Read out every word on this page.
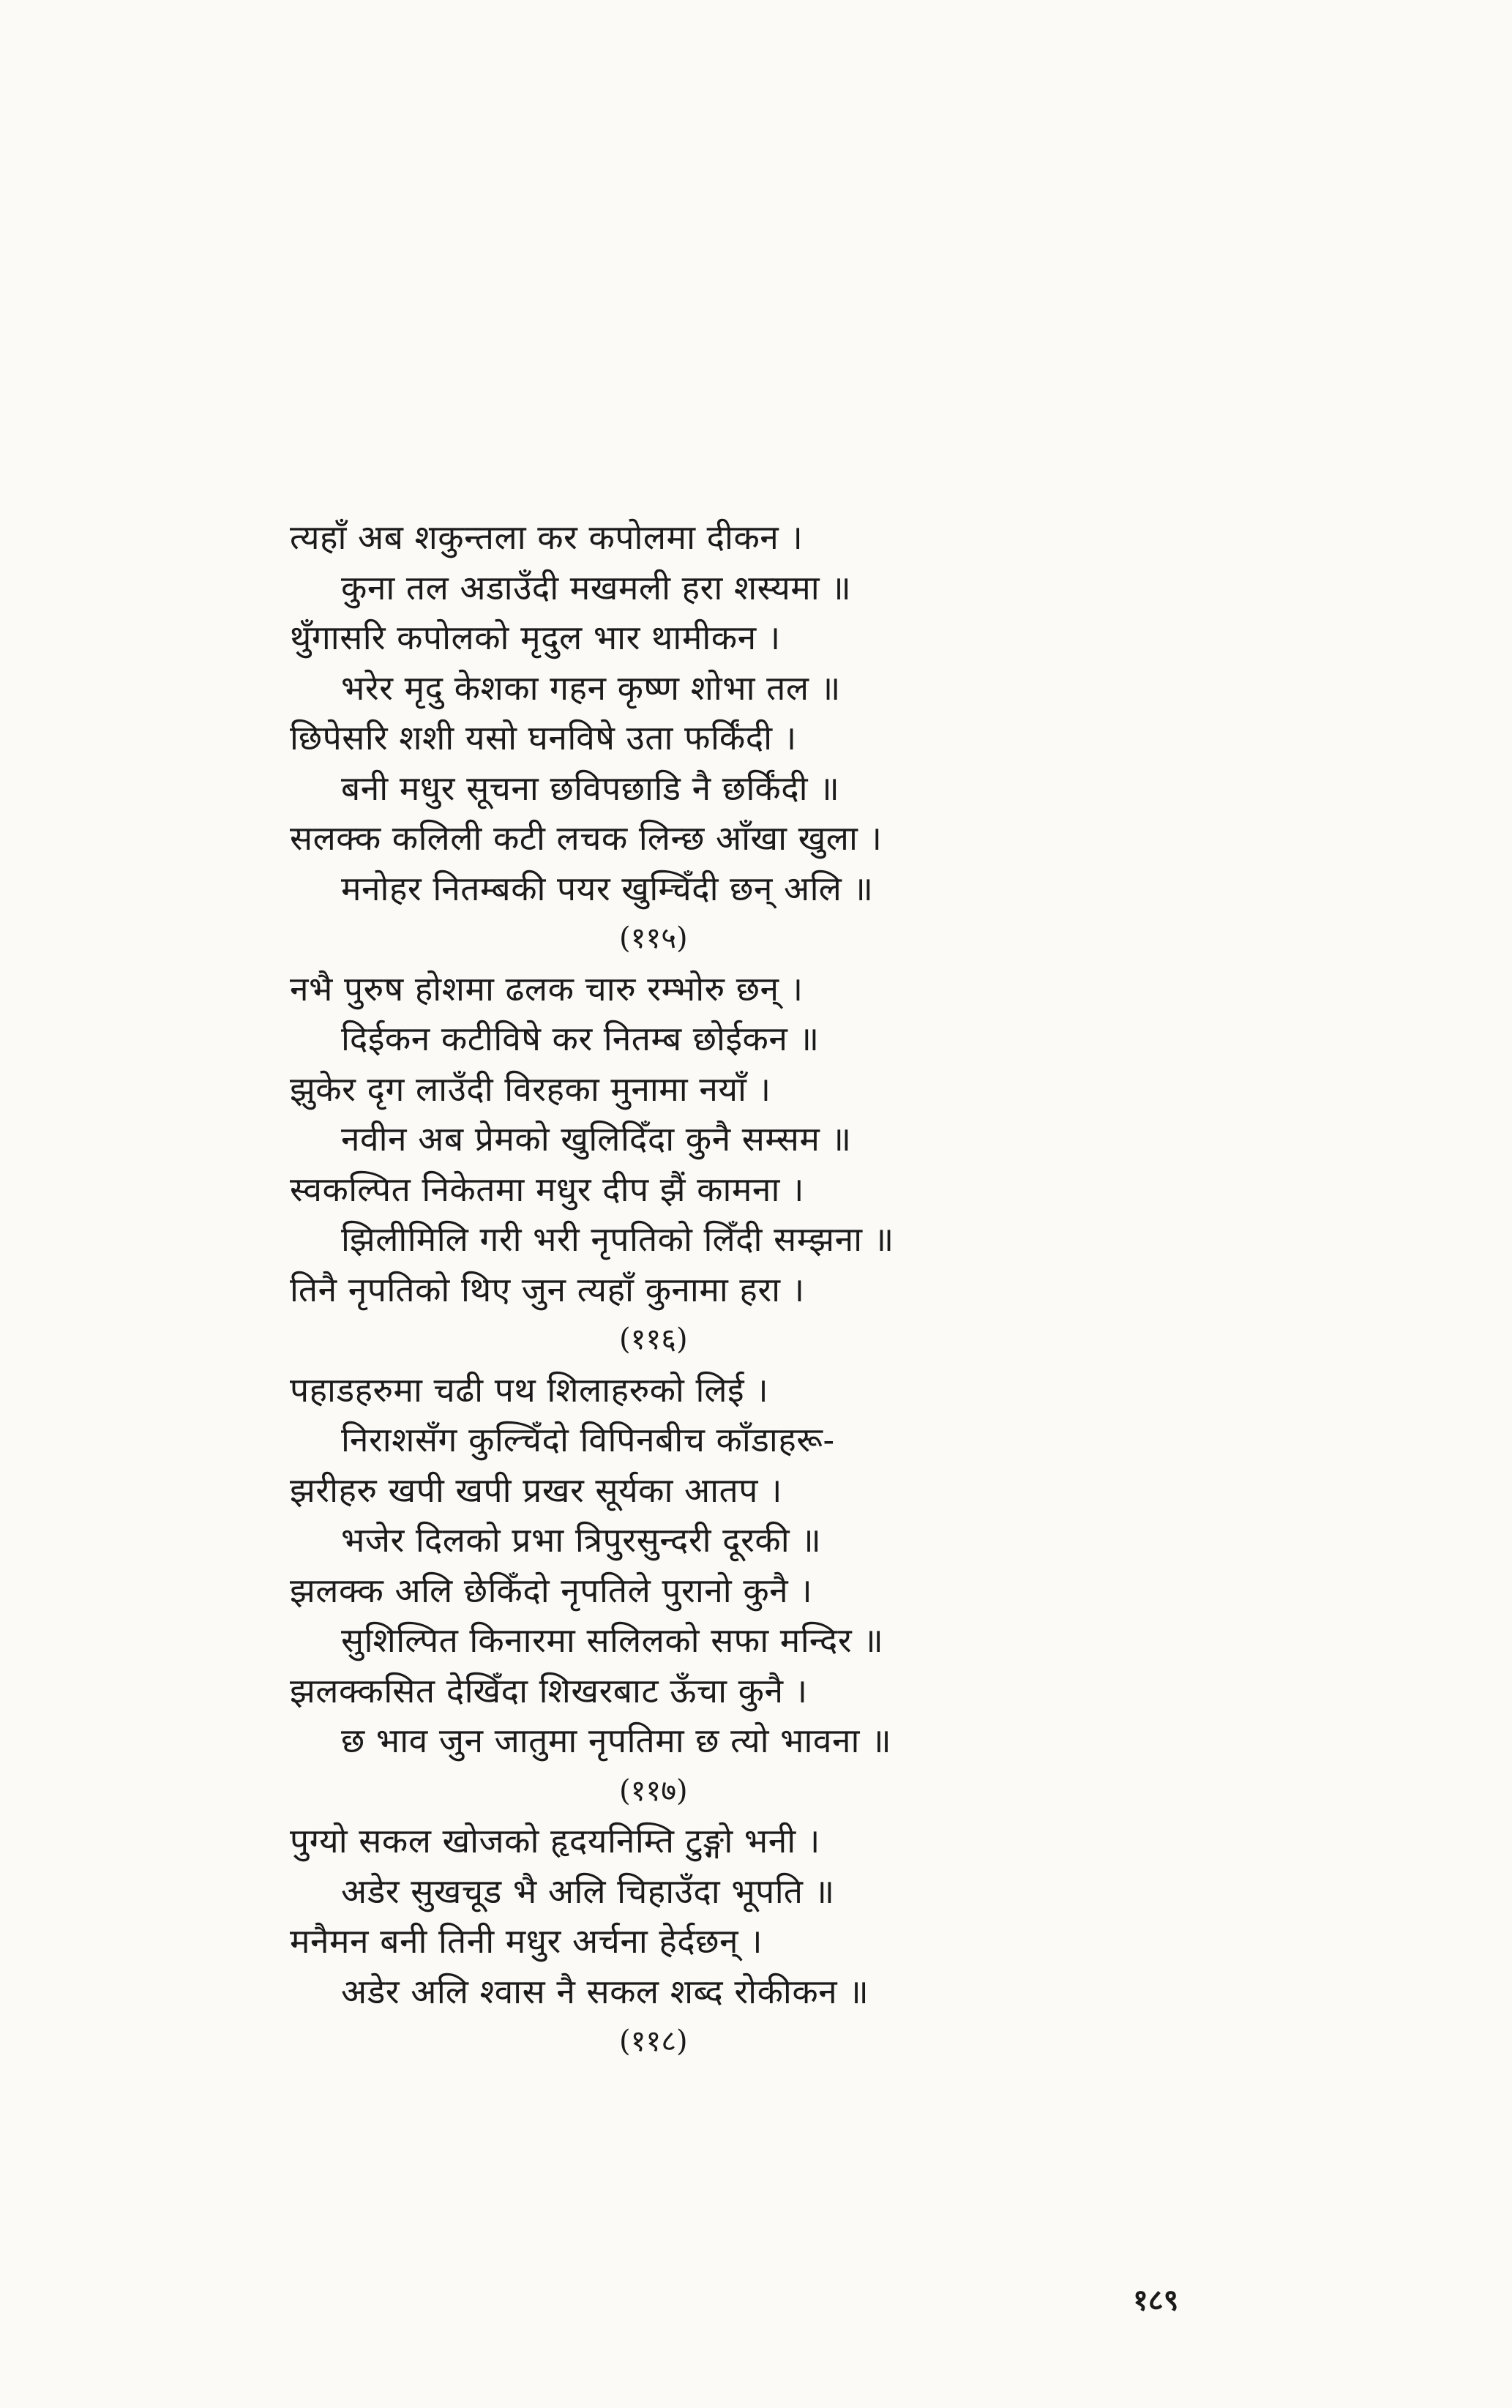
त्यहाँ अब शकुन्तला कर कपोलमा दीकन ।
कुना तल अडाउँदी मखमली हरा शस्यमा ॥
थुँगासरि कपोलको मृदुल भार थामीकन ।
भरेर मृदु केशका गहन कृष्ण शोभा तल ॥
छिपेसरि शशी यसो घनविषे उता फर्किंदी ।
बनी मधुर सूचना छविपछाडि नै छर्किंदी ॥
सलक्क कलिली कटी लचक लिन्छ आँखा खुला ।
मनोहर नितम्बकी पयर खुम्चिँदी छन् अलि ॥
(११५)
नभै पुरुष होशमा ढलक चारु रम्भोरु छन् ।
दिईकन कटीविषे कर नितम्ब छोईकन ॥
झुकेर दृग लाउँदी विरहका मुनामा नयाँ ।
नवीन अब प्रेमको खुलिदिँदा कुनै सम्सम ॥
स्वकल्पित निकेतमा मधुर दीप झैं कामना ।
झिलीमिलि गरी भरी नृपतिको लिँदी सम्झना ॥
तिनै नृपतिको थिए जुन त्यहाँ कुनामा हरा ।
(११६)
पहाडहरुमा चढी पथ शिलाहरुको लिई ।
निराशसँग कुल्चिँदो विपिनबीच काँडाहरू-
झरीहरु खपी खपी प्रखर सूर्यका आतप ।
भजेर दिलको प्रभा त्रिपुरसुन्दरी दूरकी ॥
झलक्क अलि छेकिँदो नृपतिले पुरानो कुनै ।
सुशिल्पित किनारमा सलिलको सफा मन्दिर ॥
झलक्कसित देखिँदा शिखरबाट ऊँचा कुनै ।
छ भाव जुन जातुमा नृपतिमा छ त्यो भावना ॥
(११७)
पुग्यो सकल खोजको हृदयनिम्ति टुङ्गो भनी ।
अडेर सुखचूड भै अलि चिहाउँदा भूपति ॥
मनैमन बनी तिनी मधुर अर्चना हेर्दछन् ।
अडेर अलि श्वास नै सकल शब्द रोकीकन ॥
(११८)
१८९
